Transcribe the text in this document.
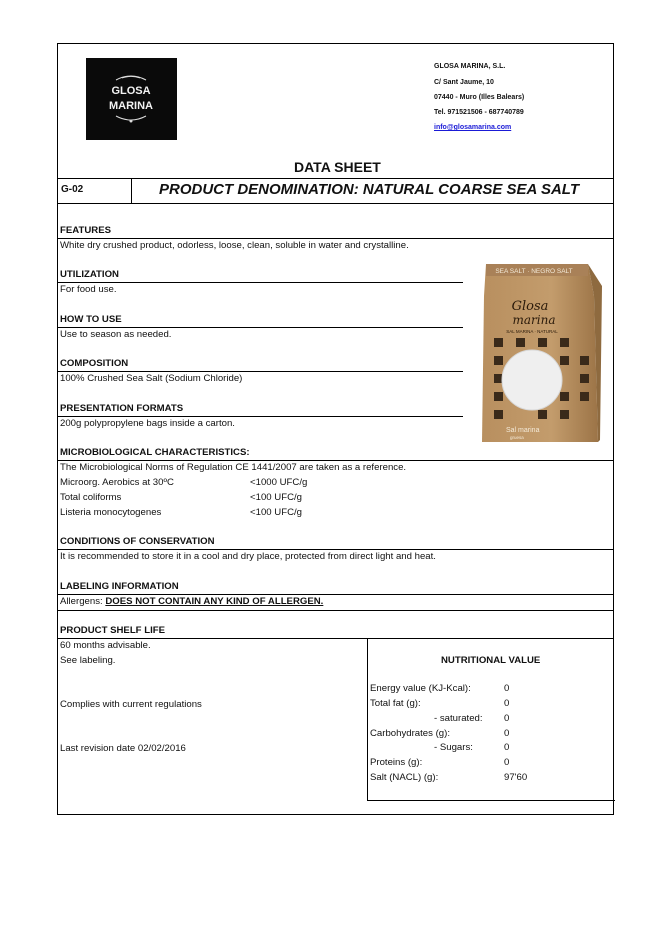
GLOSA
MARINA
GLOSA MARINA, S.L.
C/ Sant Jaume, 10
07440 - Muro (Illes Balears)
Tel. 971521506 - 687740789
info@glosamarina.com
DATA SHEET
G-02	PRODUCT DENOMINATION: NATURAL COARSE SEA SALT
FEATURES
White dry crushed product, odorless, loose, clean, soluble in water and crystalline.
UTILIZATION
For food use.
HOW TO USE
Use to season as needed.
COMPOSITION
100% Crushed Sea Salt (Sodium Chloride)
PRESENTATION FORMATS
200g polypropylene bags inside a carton.
SEA SALT · NEGRO SALT
Glosa
marina
SAL MARINA · NATURAL
Sal marina
gruesa
MICROBIOLOGICAL CHARACTERISTICS:
The Microbiological Norms of Regulation CE 1441/2007 are taken as a reference.
Microorg. Aerobics at 30ºC	<1000 UFC/g
Total coliforms	<100 UFC/g
Listeria monocytogenes	<100 UFC/g
CONDITIONS OF CONSERVATION
It is recommended to store it in a cool and dry place, protected from direct light and heat.
LABELING INFORMATION
Allergens: DOES NOT CONTAIN ANY KIND OF ALLERGEN.
PRODUCT SHELF LIFE
60 months advisable.
See labeling.
Complies with current regulations
Last revision date 02/02/2016
NUTRITIONAL VALUE
Energy value (KJ-Kcal):	0
Total fat (g):	0
- saturated: 0
Carbohydrates (g):	0
- Sugars:	0
Proteins (g):	0
Salt (NACL) (g):	97'60
